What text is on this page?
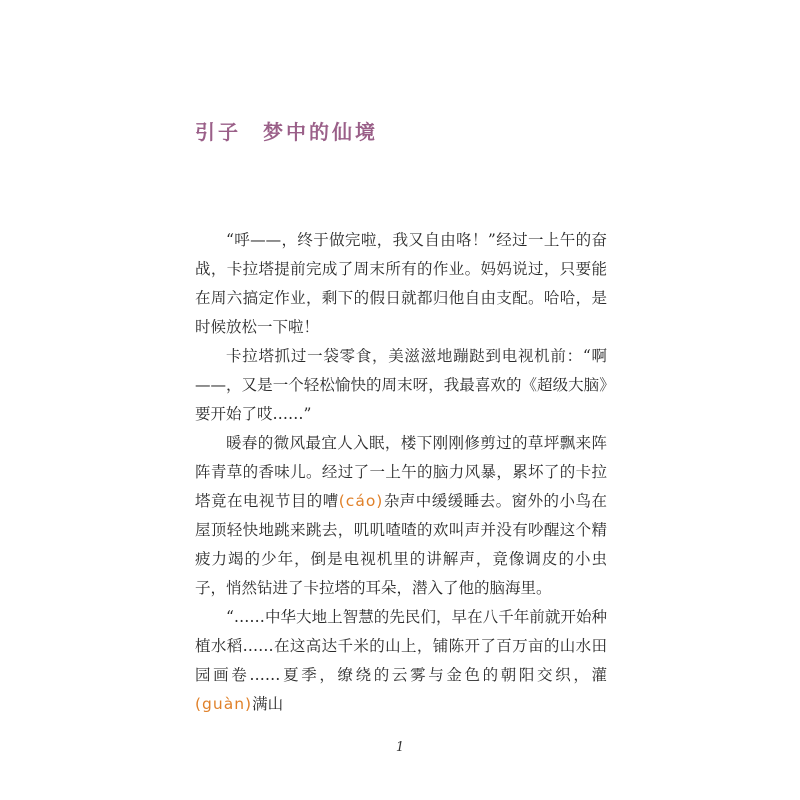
引子 梦中的仙境

“呼——，终于做完啦，我又自由咯！”经过一上午的奋战，卡拉塔提前完成了周末所有的作业。妈妈说过，只要能在周六搞定作业，剩下的假日就都归他自由支配。哈哈，是时候放松一下啦！

卡拉塔抓过一袋零食，美滋滋地蹦跶到电视机前：“啊——，又是一个轻松愉快的周末呀，我最喜欢的《超级大脑》要开始了哎……”

暖春的微风最宜人入眠，楼下刚刚修剪过的草坪飘来阵阵青草的香味儿。经过了一上午的脑力风暴，累坏了的卡拉塔竟在电视节目的嘈(cáo)杂声中缓缓睡去。窗外的小鸟在屋顶轻快地跳来跳去，叽叽喳喳的欢叫声并没有吵醒这个精疲力竭的少年，倒是电视机里的讲解声，竟像调皮的小虫子，悄然钻进了卡拉塔的耳朵，潜入了他的脑海里。

“……中华大地上智慧的先民们，早在八千年前就开始种植水稻……在这高达千米的山上，铺陈开了百万亩的山水田园画卷……夏季，缭绕的云雾与金色的朝阳交织，灌(guàn)满山

1
